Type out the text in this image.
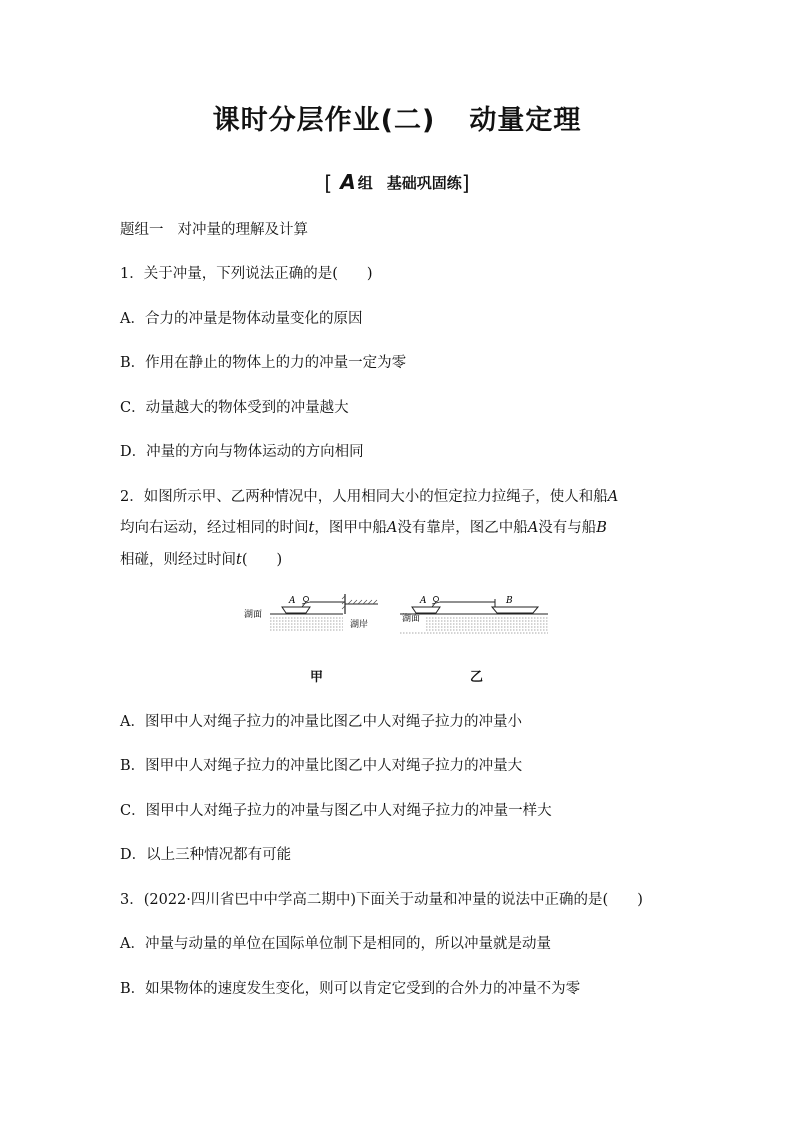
课时分层作业(二) 动量定理
[ A 组 基础巩固练]
题组一 对冲量的理解及计算
1．关于冲量，下列说法正确的是(　　)
A．合力的冲量是物体动量变化的原因
B．作用在静止的物体上的力的冲量一定为零
C．动量越大的物体受到的冲量越大
D．冲量的方向与物体运动的方向相同
2．如图所示甲、乙两种情况中，人用相同大小的恒定拉力拉绳子，使人和船A
均向右运动，经过相同的时间t，图甲中船A没有靠岸，图乙中船A没有与船B
相碰，则经过时间t(　　)
湖面
A
湖岸
湖面
A	B
甲	乙
A．图甲中人对绳子拉力的冲量比图乙中人对绳子拉力的冲量小
B．图甲中人对绳子拉力的冲量比图乙中人对绳子拉力的冲量大
C．图甲中人对绳子拉力的冲量与图乙中人对绳子拉力的冲量一样大
D．以上三种情况都有可能
3．(2022·四川省巴中中学高二期中)下面关于动量和冲量的说法中正确的是(　　)
A．冲量与动量的单位在国际单位制下是相同的，所以冲量就是动量
B．如果物体的速度发生变化，则可以肯定它受到的合外力的冲量不为零
